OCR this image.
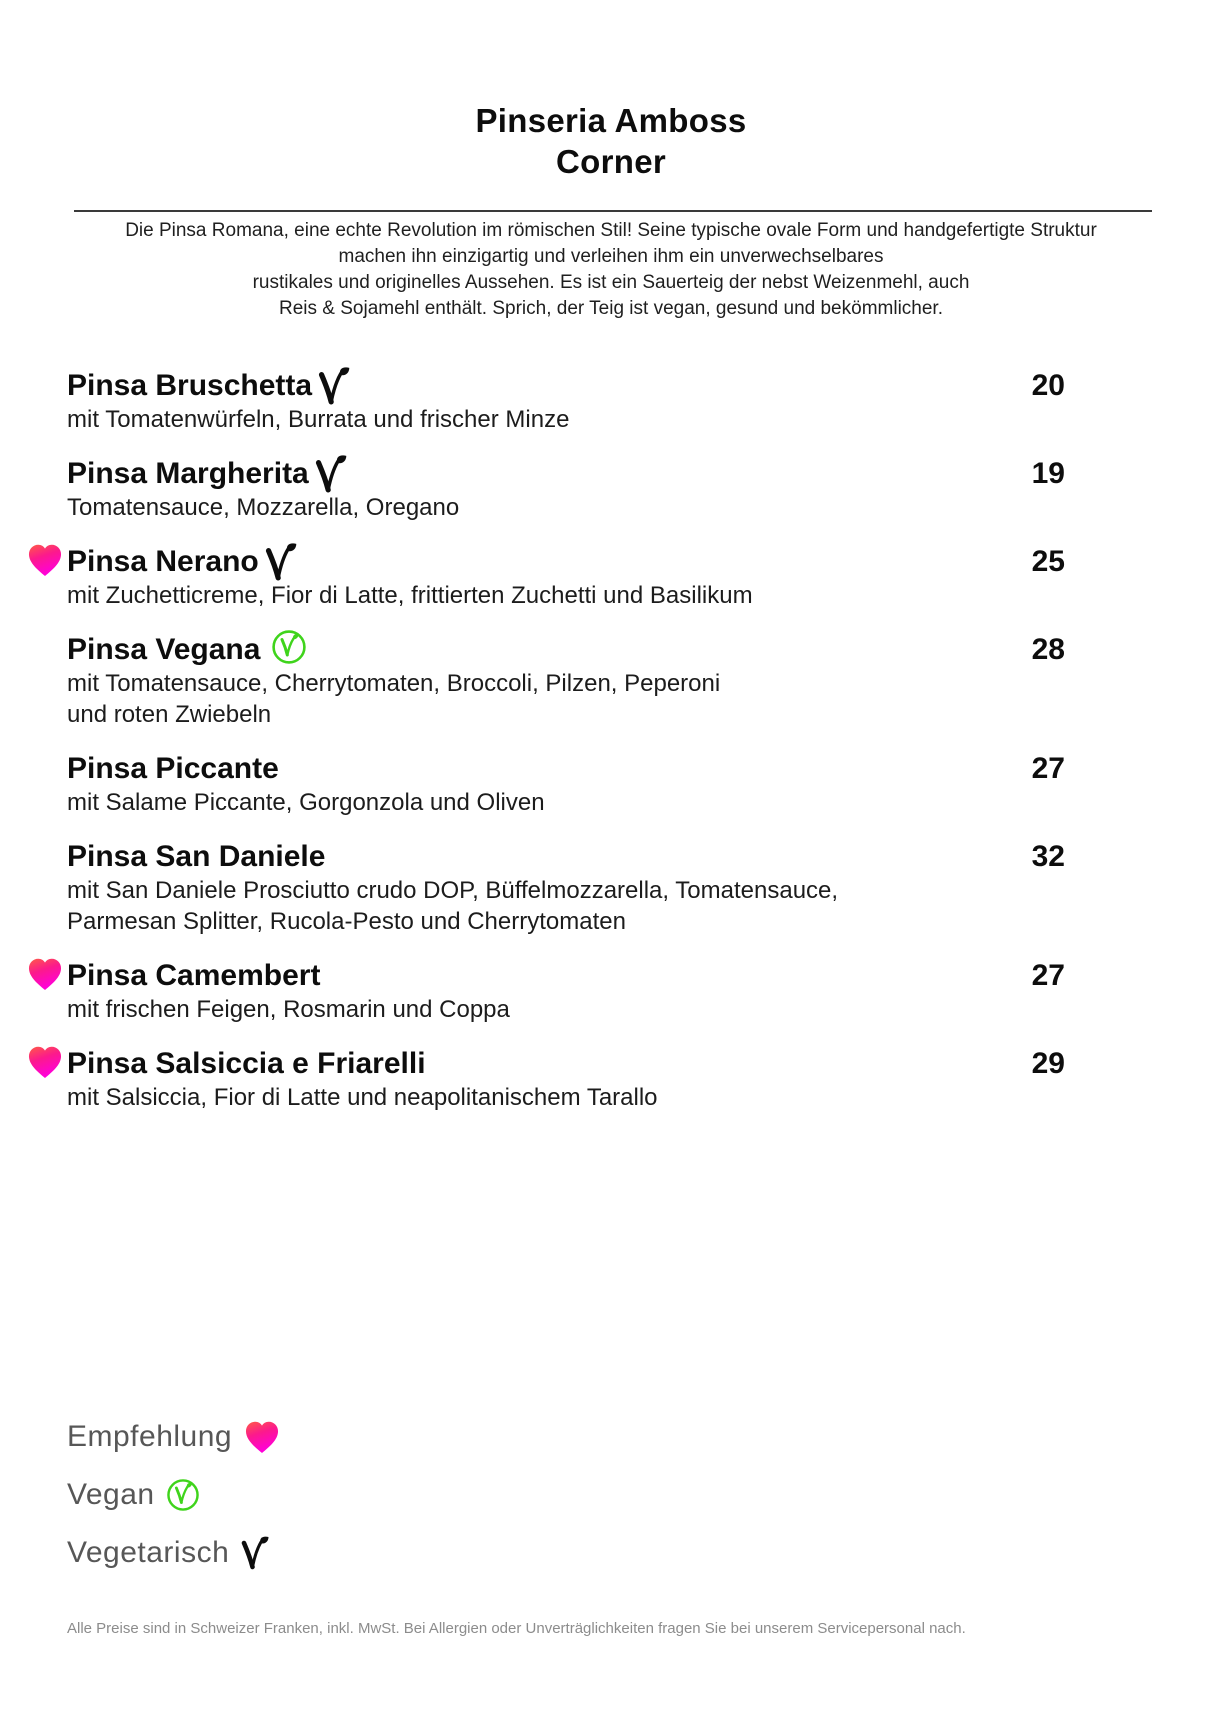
Pinseria Amboss
Corner
Die Pinsa Romana, eine echte Revolution im römischen Stil! Seine typische ovale Form und handgefertigte Struktur
machen ihn einzigartig und verleihen ihm ein unverwechselbares
rustikales und originelles Aussehen. Es ist ein Sauerteig der nebst Weizenmehl, auch
Reis & Sojamehl enthält. Sprich, der Teig ist vegan, gesund und bekömmlicher.
Pinsa Bruschetta	20
mit Tomatenwürfeln, Burrata und frischer Minze
Pinsa Margherita	19
Tomatensauce, Mozzarella, Oregano
Pinsa Nerano	25
mit Zuchetticreme, Fior di Latte, frittierten Zuchetti und Basilikum
Pinsa Vegana	28
mit Tomatensauce, Cherrytomaten, Broccoli, Pilzen, Peperoni
und roten Zwiebeln
Pinsa Piccante	27
mit Salame Piccante, Gorgonzola und Oliven
Pinsa San Daniele	32
mit San Daniele Prosciutto crudo DOP, Büffelmozzarella, Tomatensauce,
Parmesan Splitter, Rucola-Pesto und Cherrytomaten
Pinsa Camembert	27
mit frischen Feigen, Rosmarin und Coppa
Pinsa Salsiccia e Friarelli	29
mit Salsiccia, Fior di Latte und neapolitanischem Tarallo
Empfehlung
Vegan
Vegetarisch
Alle Preise sind in Schweizer Franken, inkl. MwSt. Bei Allergien oder Unverträglichkeiten fragen Sie bei unserem Servicepersonal nach.
